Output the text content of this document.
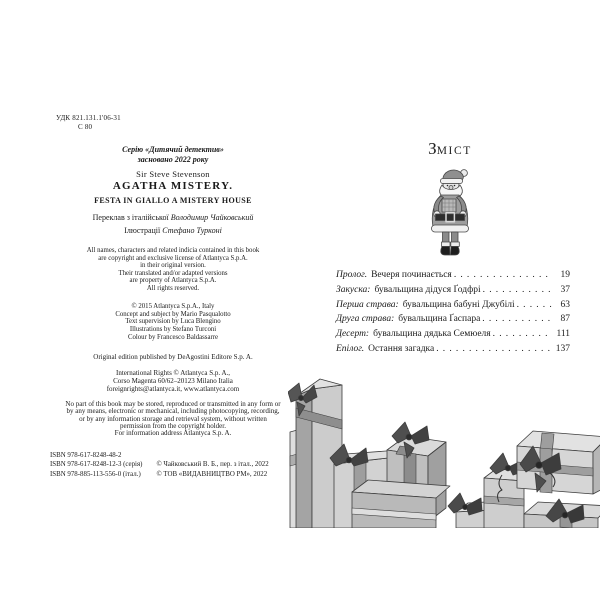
УДК 821.131.1'06-31
С 80
Серію «Дитячий детектив»
засновано 2022 року
Sir Steve Stevenson
AGATHA MISTERY.
FESTA IN GIALLO A MISTERY HOUSE
Переклав з італійської Володимир Чайковський
Ілюстрації Стефано Турконі
All names, characters and related indicia contained in this book
are copyright and exclusive license of Atlantyca S.p.A.
in their original version.
Their translated and/or adapted versions
are property of Atlantyca S.p.A.
All rights reserved.
© 2015 Atlantyca S.p.A., Italy
Concept and subject by Mario Pasqualotto
Text supervision by Luca Blengino
Illustrations by Stefano Turconi
Colour by Francesco Baldassarre
Original edition published by DeAgostini Editore S.p. A.
International Rights © Atlantyca S.p. A.,
Corso Magenta 60/62–20123 Milano Italia
foreignrights@atlantyca.it, www.atlantyca.com
No part of this book may be stored, reproduced or transmitted in any form or
by any means, electronic or mechanical, including photocopying, recording,
or by any information storage and retrieval system, without written
permission from the copyright holder.
For information address Atlantyca S.p. A.
ISBN 978-617-8248-48-2
ISBN 978-617-8248-12-3 (серія)
ISBN 978-885-113-556-0 (італ.)
© Чайковський В. Б., пер. з італ., 2022
© ТОВ «ВИДАВНИЦТВО РМ», 2022
ЗМІСТ
Пролог. Вечеря починається . . .	19
Закуска: бувальщина дідуся Ґодфрі . . .	37
Перша страва: бувальщина бабуні Джубілі . . .	63
Друга страва: бувальщина Ґаспара . . .	87
Десерт: бувальщина дядька Семюеля . . .	111
Епілог. Остання загадка . . .	137
